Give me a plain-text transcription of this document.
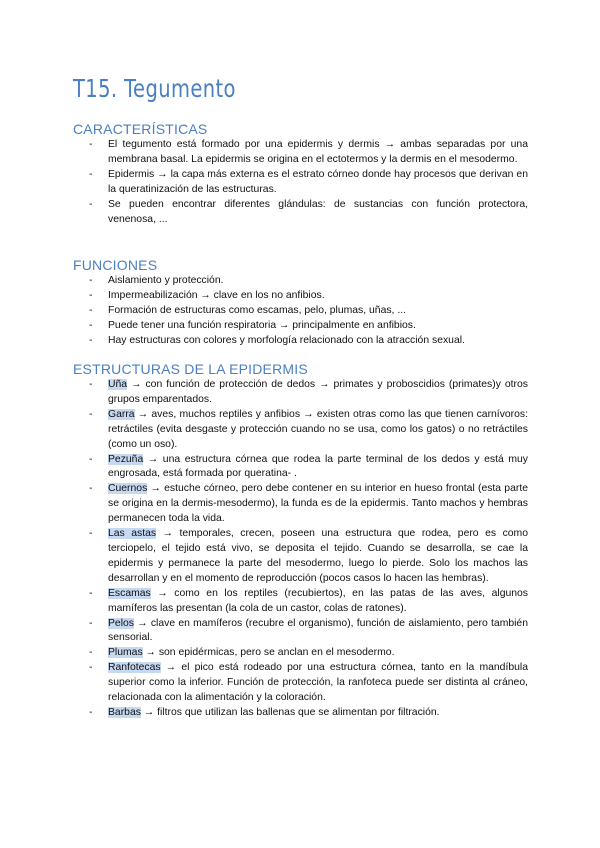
T15. Tegumento
CARACTERÍSTICAS
- El tegumento está formado por una epidermis y dermis → ambas separadas por una membrana basal. La epidermis se origina en el ectotermos y la dermis en el mesodermo.
- Epidermis → la capa más externa es el estrato córneo donde hay procesos que derivan en la queratinización de las estructuras.
- Se pueden encontrar diferentes glándulas: de sustancias con función protectora, venenosa, ...
FUNCIONES
- Aislamiento y protección.
- Impermeabilización → clave en los no anfibios.
- Formación de estructuras como escamas, pelo, plumas, uñas, ...
- Puede tener una función respiratoria → principalmente en anfibios.
- Hay estructuras con colores y morfología relacionado con la atracción sexual.
ESTRUCTURAS DE LA EPIDERMIS
- Uña → con función de protección de dedos → primates y proboscidios (primates)y otros grupos emparentados.
- Garra → aves, muchos reptiles y anfibios → existen otras como las que tienen carnívoros: retráctiles (evita desgaste y protección cuando no se usa, como los gatos) o no retráctiles (como un oso).
- Pezuña → una estructura córnea que rodea la parte terminal de los dedos y está muy engrosada, está formada por queratina- .
- Cuernos → estuche córneo, pero debe contener en su interior en hueso frontal (esta parte se origina en la dermis-mesodermo), la funda es de la epidermis. Tanto machos y hembras permanecen toda la vida.
- Las astas → temporales, crecen, poseen una estructura que rodea, pero es como terciopelo, el tejido está vivo, se deposita el tejido. Cuando se desarrolla, se cae la epidermis y permanece la parte del mesodermo, luego lo pierde. Solo los machos las desarrollan y en el momento de reproducción (pocos casos lo hacen las hembras).
- Escamas → como en los reptiles (recubiertos), en las patas de las aves, algunos mamíferos las presentan (la cola de un castor, colas de ratones).
- Pelos → clave en mamíferos (recubre el organismo), función de aislamiento, pero también sensorial.
- Plumas → son epidérmicas, pero se anclan en el mesodermo.
- Ranfotecas → el pico está rodeado por una estructura córnea, tanto en la mandíbula superior como la inferior. Función de protección, la ranfoteca puede ser distinta al cráneo, relacionada con la alimentación y la coloración.
- Barbas → filtros que utilizan las ballenas que se alimentan por filtración.
